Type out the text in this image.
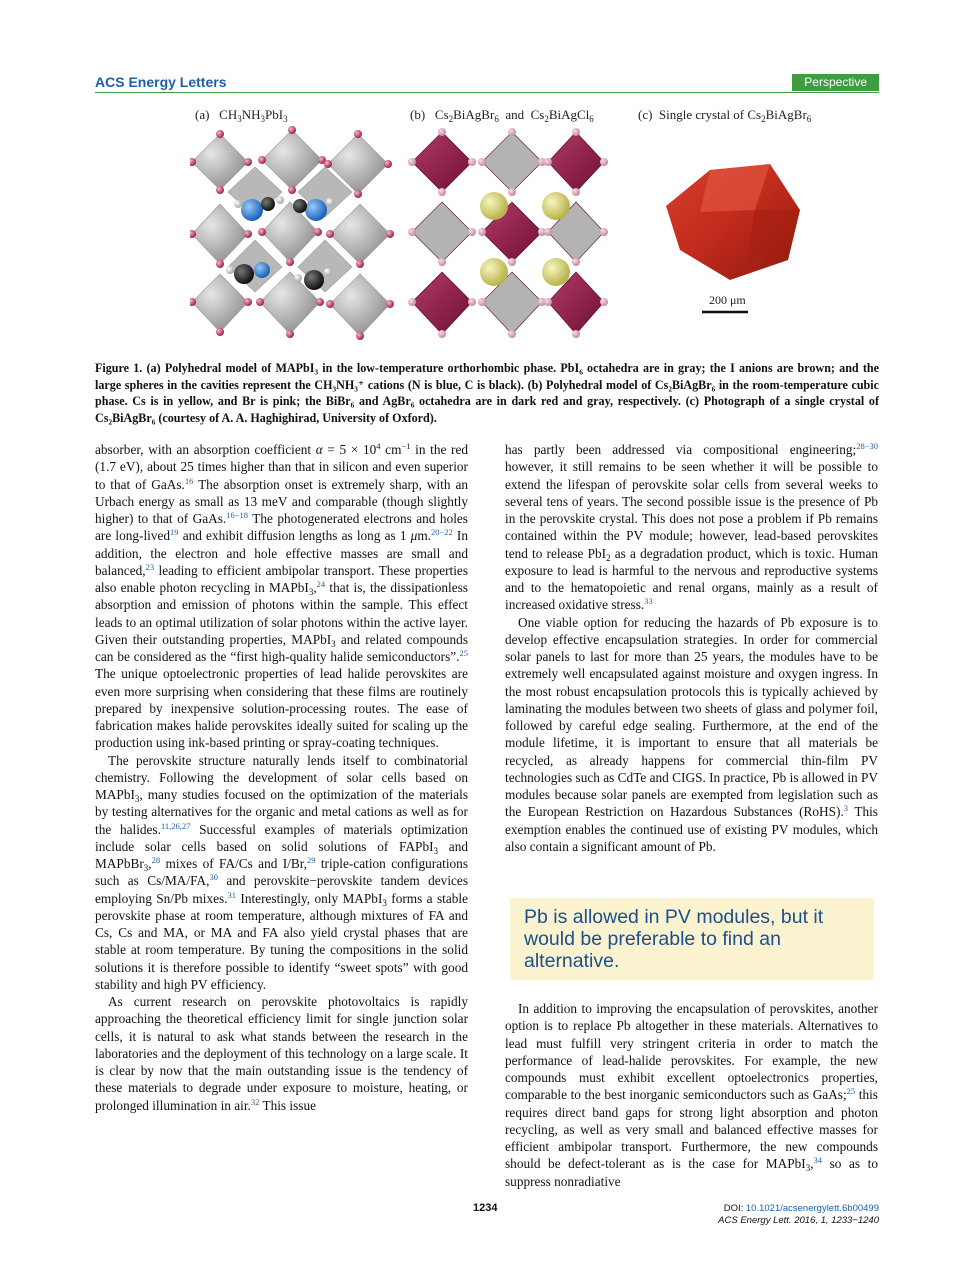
ACS Energy Letters	Perspective
(a)   $CH_3NH_3PbI_3$	(b)   $Cs_2BiAgBr_6$  and  $Cs_2BiAgCl_6$	(c)  Single crystal of $Cs_2BiAgBr_6$
200 μm
Figure 1. (a) Polyhedral model of MAPbI₃ in the low-temperature orthorhombic phase. PbI₆ octahedra are in gray; the I anions are brown; and the large spheres in the cavities represent the CH₃NH₃⁺ cations (N is blue, C is black). (b) Polyhedral model of Cs₂BiAgBr₆ in the room-temperature cubic phase. Cs is in yellow, and Br is pink; the BiBr₆ and AgBr₆ octahedra are in dark red and gray, respectively. (c) Photograph of a single crystal of Cs₂BiAgBr₆ (courtesy of A. A. Haghighirad, University of Oxford).

absorber, with an absorption coefficient $\alpha = 5 \times 10^4$ $cm^{-1}$ in the red (1.7 eV), about 25 times higher than that in silicon and even superior to that of GaAs.$^{16}$ The absorption onset is extremely sharp, with an Urbach energy as small as 13 meV and comparable (though slightly higher) to that of GaAs.$^{16-18}$ The photogenerated electrons and holes are long-lived$^{19}$ and exhibit diffusion lengths as long as 1 μm.$^{20-22}$ In addition, the electron and hole effective masses are small and balanced,$^{23}$ leading to efficient ambipolar transport. These properties also enable photon recycling in MAPbI$_3$,$^{24}$ that is, the dissipationless absorption and emission of photons within the sample. This effect leads to an optimal utilization of solar photons within the active layer. Given their outstanding properties, MAPbI$_3$ and related compounds can be considered as the “first high-quality halide semiconductors”.$^{25}$ The unique optoelectronic properties of lead halide perovskites are even more surprising when considering that these films are routinely prepared by inexpensive solution-processing routes. The ease of fabrication makes halide perovskites ideally suited for scaling up the production using ink-based printing or spray-coating techniques.

The perovskite structure naturally lends itself to combinatorial chemistry. Following the development of solar cells based on MAPbI$_3$, many studies focused on the optimization of the materials by testing alternatives for the organic and metal cations as well as for the halides.$^{11,26,27}$ Successful examples of materials optimization include solar cells based on solid solutions of FAPbI$_3$ and MAPbBr$_3$,$^{28}$ mixes of FA/Cs and I/Br,$^{29}$ triple-cation configurations such as Cs/MA/FA,$^{30}$ and perovskite−perovskite tandem devices employing Sn/Pb mixes.$^{31}$ Interestingly, only MAPbI$_3$ forms a stable perovskite phase at room temperature, although mixtures of FA and Cs, Cs and MA, or MA and FA also yield crystal phases that are stable at room temperature. By tuning the compositions in the solid solutions it is therefore possible to identify “sweet spots” with good stability and high PV efficiency.

As current research on perovskite photovoltaics is rapidly approaching the theoretical efficiency limit for single junction solar cells, it is natural to ask what stands between the research in the laboratories and the deployment of this technology on a large scale. It is clear by now that the main outstanding issue is the tendency of these materials to degrade under exposure to moisture, heating, or prolonged illumination in air.$^{32}$ This issue

has partly been addressed via compositional engineering;$^{28-30}$ however, it still remains to be seen whether it will be possible to extend the lifespan of perovskite solar cells from several weeks to several tens of years. The second possible issue is the presence of Pb in the perovskite crystal. This does not pose a problem if Pb remains contained within the PV module; however, lead-based perovskites tend to release PbI$_2$ as a degradation product, which is toxic. Human exposure to lead is harmful to the nervous and reproductive systems and to the hematopoietic and renal organs, mainly as a result of increased oxidative stress.$^{33}$

One viable option for reducing the hazards of Pb exposure is to develop effective encapsulation strategies. In order for commercial solar panels to last for more than 25 years, the modules have to be extremely well encapsulated against moisture and oxygen ingress. In the most robust encapsulation protocols this is typically achieved by laminating the modules between two sheets of glass and polymer foil, followed by careful edge sealing. Furthermore, at the end of the module lifetime, it is important to ensure that all materials be recycled, as already happens for commercial thin-film PV technologies such as CdTe and CIGS. In practice, Pb is allowed in PV modules because solar panels are exempted from legislation such as the European Restriction on Hazardous Substances (RoHS).$^3$ This exemption enables the continued use of existing PV modules, which also contain a significant amount of Pb.

Pb is allowed in PV modules, but it would be preferable to find an alternative.

In addition to improving the encapsulation of perovskites, another option is to replace Pb altogether in these materials. Alternatives to lead must fulfill very stringent criteria in order to match the performance of lead-halide perovskites. For example, the new compounds must exhibit excellent optoelectronics properties, comparable to the best inorganic semiconductors such as GaAs;$^{25}$ this requires direct band gaps for strong light absorption and photon recycling, as well as very small and balanced effective masses for efficient ambipolar transport. Furthermore, the new compounds should be defect-tolerant as is the case for MAPbI$_3$,$^{34}$ so as to suppress nonradiative

1234	DOI: 10.1021/acsenergylett.6b00499
ACS Energy Lett. 2016, 1, 1233−1240
